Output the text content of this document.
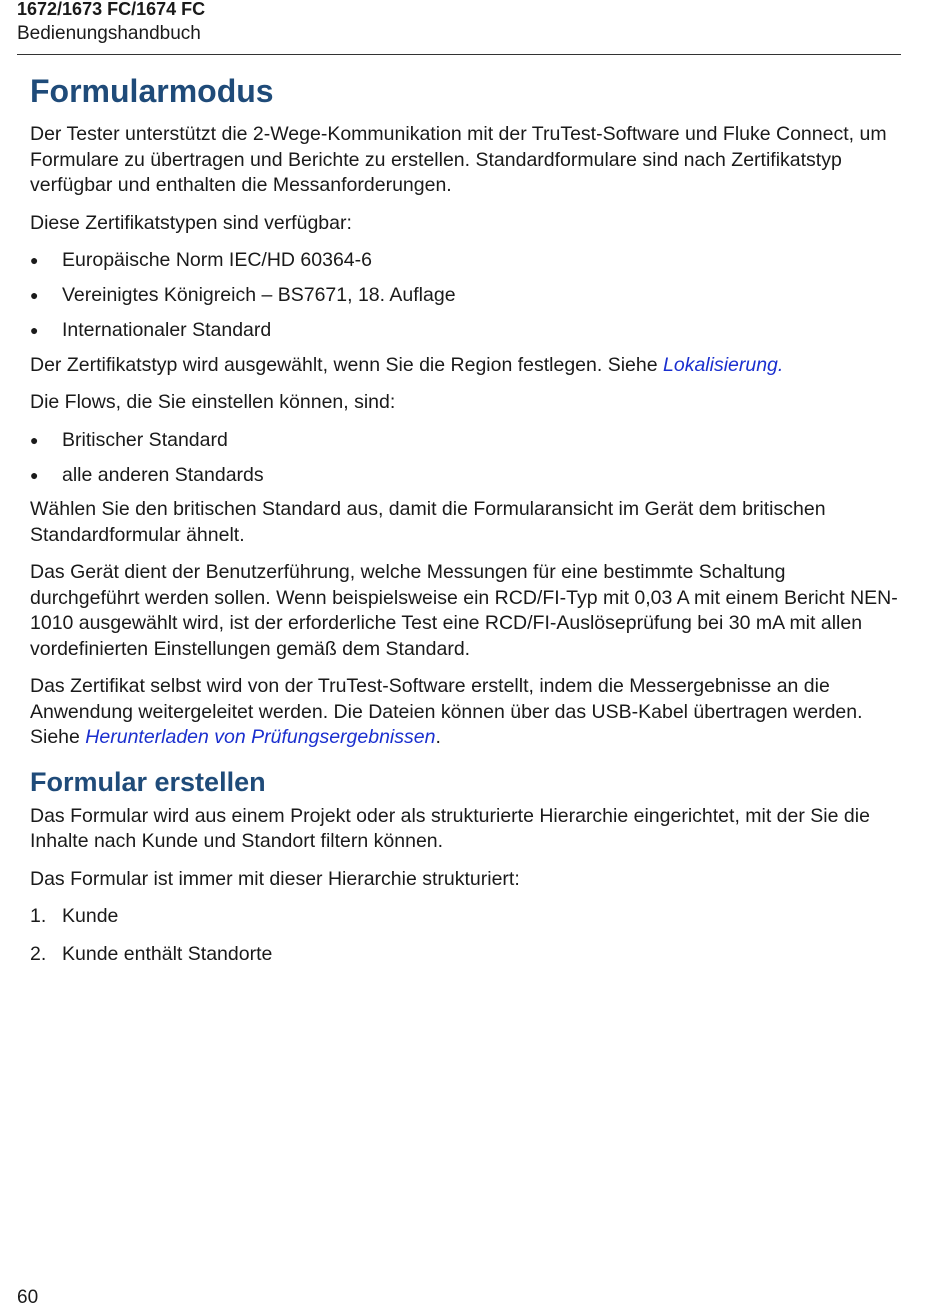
1672/1673 FC/1674 FC
Bedienungshandbuch
Formularmodus

Der Tester unterstützt die 2-Wege-Kommunikation mit der TruTest-Software und Fluke Connect, um Formulare zu übertragen und Berichte zu erstellen. Standardformulare sind nach Zertifikatstyp verfügbar und enthalten die Messanforderungen.

Diese Zertifikatstypen sind verfügbar:

● Europäische Norm IEC/HD 60364-6
● Vereinigtes Königreich – BS7671, 18. Auflage
● Internationaler Standard

Der Zertifikatstyp wird ausgewählt, wenn Sie die Region festlegen. Siehe Lokalisierung.

Die Flows, die Sie einstellen können, sind:

● Britischer Standard
● alle anderen Standards

Wählen Sie den britischen Standard aus, damit die Formularansicht im Gerät dem britischen Standardformular ähnelt.

Das Gerät dient der Benutzerführung, welche Messungen für eine bestimmte Schaltung durchgeführt werden sollen. Wenn beispielsweise ein RCD/FI-Typ mit 0,03 A mit einem Bericht NEN-1010 ausgewählt wird, ist der erforderliche Test eine RCD/FI-Auslöseprüfung bei 30 mA mit allen vordefinierten Einstellungen gemäß dem Standard.

Das Zertifikat selbst wird von der TruTest-Software erstellt, indem die Messergebnisse an die Anwendung weitergeleitet werden. Die Dateien können über das USB-Kabel übertragen werden. Siehe Herunterladen von Prüfungsergebnissen.

Formular erstellen

Das Formular wird aus einem Projekt oder als strukturierte Hierarchie eingerichtet, mit der Sie die Inhalte nach Kunde und Standort filtern können.

Das Formular ist immer mit dieser Hierarchie strukturiert:

1. Kunde
2. Kunde enthält Standorte
60
